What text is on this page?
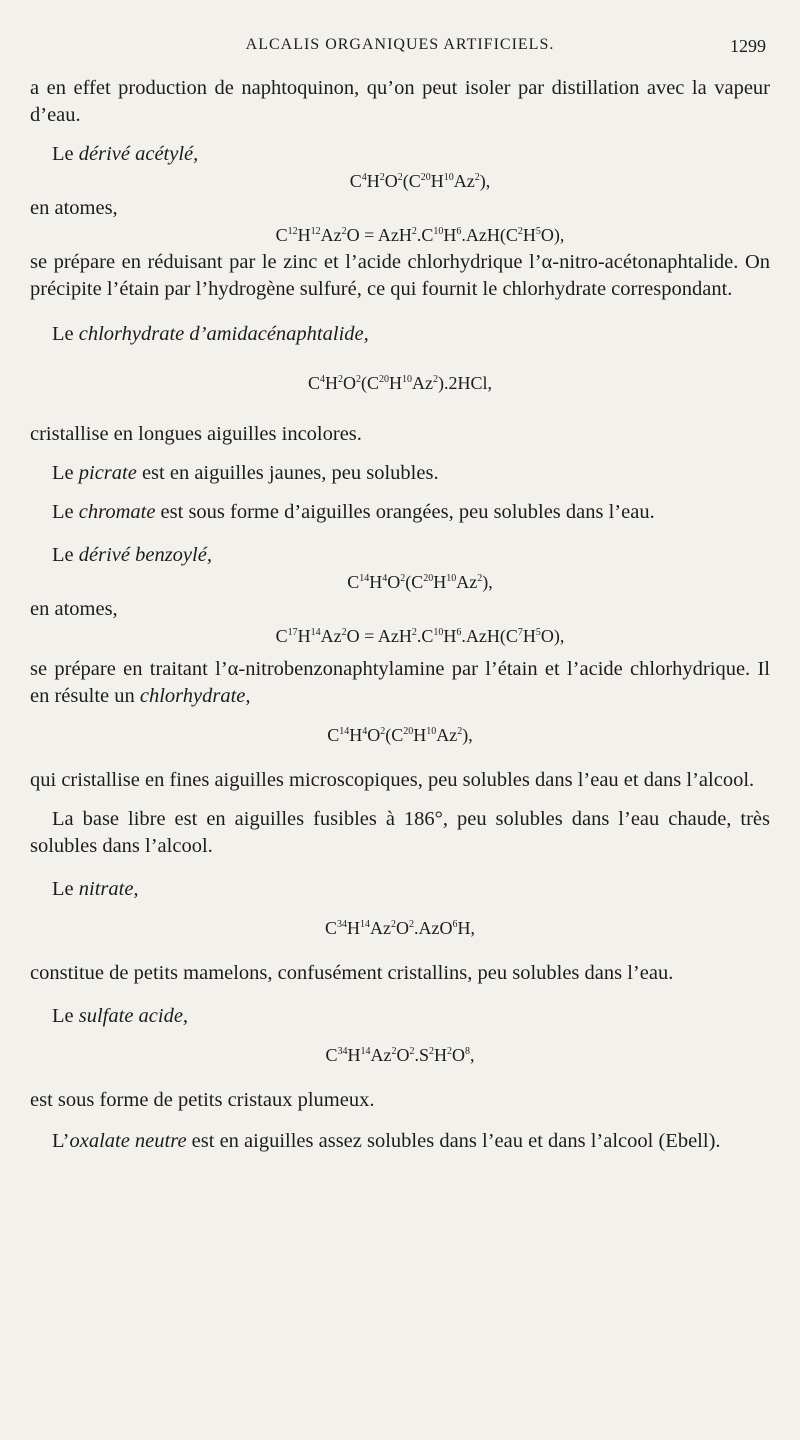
ALCALIS ORGANIQUES ARTIFICIELS.	1299

a en effet production de naphtoquinon, qu’on peut isoler par distillation avec la vapeur d’eau.

Le dérivé acétylé,

$C^4H^2O^2(C^{20}H^{10}Az^2)$,

en atomes,

$C^{12}H^{12}Az^2O = AzH^2.C^{10}H^6.AzH(C^2H^5O)$,

se prépare en réduisant par le zinc et l’acide chlorhydrique l’α-nitro-acétonaphtalide. On précipite l’étain par l’hydrogène sulfuré, ce qui fournit le chlorhydrate correspondant.

Le chlorhydrate d’amidacénaphtalide,

$C^4H^2O^2(C^{20}H^{10}Az^2).2HCl$,

cristallise en longues aiguilles incolores.

Le picrate est en aiguilles jaunes, peu solubles.

Le chromate est sous forme d’aiguilles orangées, peu solubles dans l’eau.

Le dérivé benzoylé,

$C^{14}H^4O^2(C^{20}H^{10}Az^2)$,

en atomes,

$C^{17}H^{14}Az^2O = AzH^2.C^{10}H^6.AzH(C^7H^5O)$,

se prépare en traitant l’α-nitrobenzonaphtylamine par l’étain et l’acide chlorhydrique. Il en résulte un chlorhydrate,

$C^{14}H^4O^2(C^{20}H^{10}Az^2)$,

qui cristallise en fines aiguilles microscopiques, peu solubles dans l’eau et dans l’alcool.

La base libre est en aiguilles fusibles à 186°, peu solubles dans l’eau chaude, très solubles dans l’alcool.

Le nitrate,

$C^{34}H^{14}Az^2O^2.AzO^6H$,

constitue de petits mamelons, confusément cristallins, peu solubles dans l’eau.

Le sulfate acide,

$C^{34}H^{14}Az^2O^2.S^2H^2O^8$,

est sous forme de petits cristaux plumeux.

L’oxalate neutre est en aiguilles assez solubles dans l’eau et dans l’alcool (Ebell).
